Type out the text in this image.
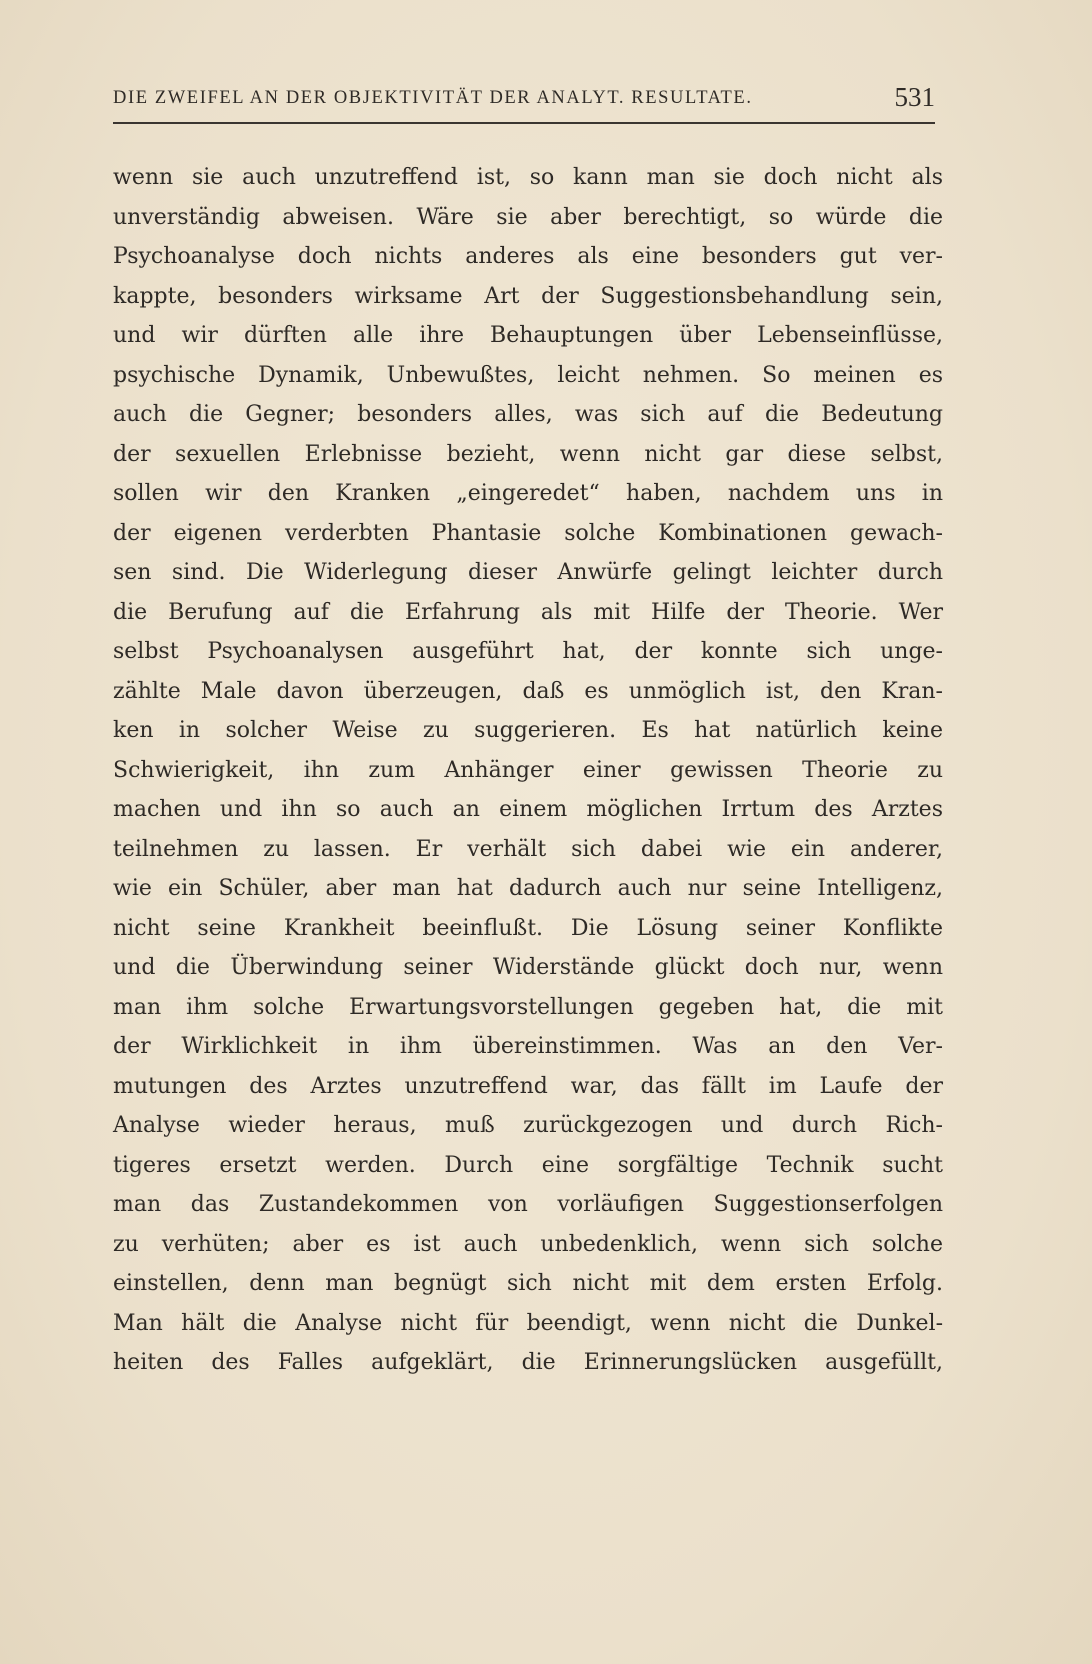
DIE ZWEIFEL AN DER OBJEKTIVITÄT DER ANALYT. RESULTATE.	531
wenn sie auch unzutreffend ist, so kann man sie doch nicht als
unverständig abweisen. Wäre sie aber berechtigt, so würde die
Psychoanalyse doch nichts anderes als eine besonders gut ver-
kappte, besonders wirksame Art der Suggestionsbehandlung sein,
und wir dürften alle ihre Behauptungen über Lebenseinflüsse,
psychische Dynamik, Unbewußtes, leicht nehmen. So meinen es
auch die Gegner; besonders alles, was sich auf die Bedeutung
der sexuellen Erlebnisse bezieht, wenn nicht gar diese selbst,
sollen wir den Kranken „eingeredet“ haben, nachdem uns in
der eigenen verderbten Phantasie solche Kombinationen gewach-
sen sind. Die Widerlegung dieser Anwürfe gelingt leichter durch
die Berufung auf die Erfahrung als mit Hilfe der Theorie. Wer
selbst Psychoanalysen ausgeführt hat, der konnte sich unge-
zählte Male davon überzeugen, daß es unmöglich ist, den Kran-
ken in solcher Weise zu suggerieren. Es hat natürlich keine
Schwierigkeit, ihn zum Anhänger einer gewissen Theorie zu
machen und ihn so auch an einem möglichen Irrtum des Arztes
teilnehmen zu lassen. Er verhält sich dabei wie ein anderer,
wie ein Schüler, aber man hat dadurch auch nur seine Intelligenz,
nicht seine Krankheit beeinflußt. Die Lösung seiner Konflikte
und die Überwindung seiner Widerstände glückt doch nur, wenn
man ihm solche Erwartungsvorstellungen gegeben hat, die mit
der Wirklichkeit in ihm übereinstimmen. Was an den Ver-
mutungen des Arztes unzutreffend war, das fällt im Laufe der
Analyse wieder heraus, muß zurückgezogen und durch Rich-
tigeres ersetzt werden. Durch eine sorgfältige Technik sucht
man das Zustandekommen von vorläufigen Suggestionserfolgen
zu verhüten; aber es ist auch unbedenklich, wenn sich solche
einstellen, denn man begnügt sich nicht mit dem ersten Erfolg.
Man hält die Analyse nicht für beendigt, wenn nicht die Dunkel-
heiten des Falles aufgeklärt, die Erinnerungslücken ausgefüllt,
